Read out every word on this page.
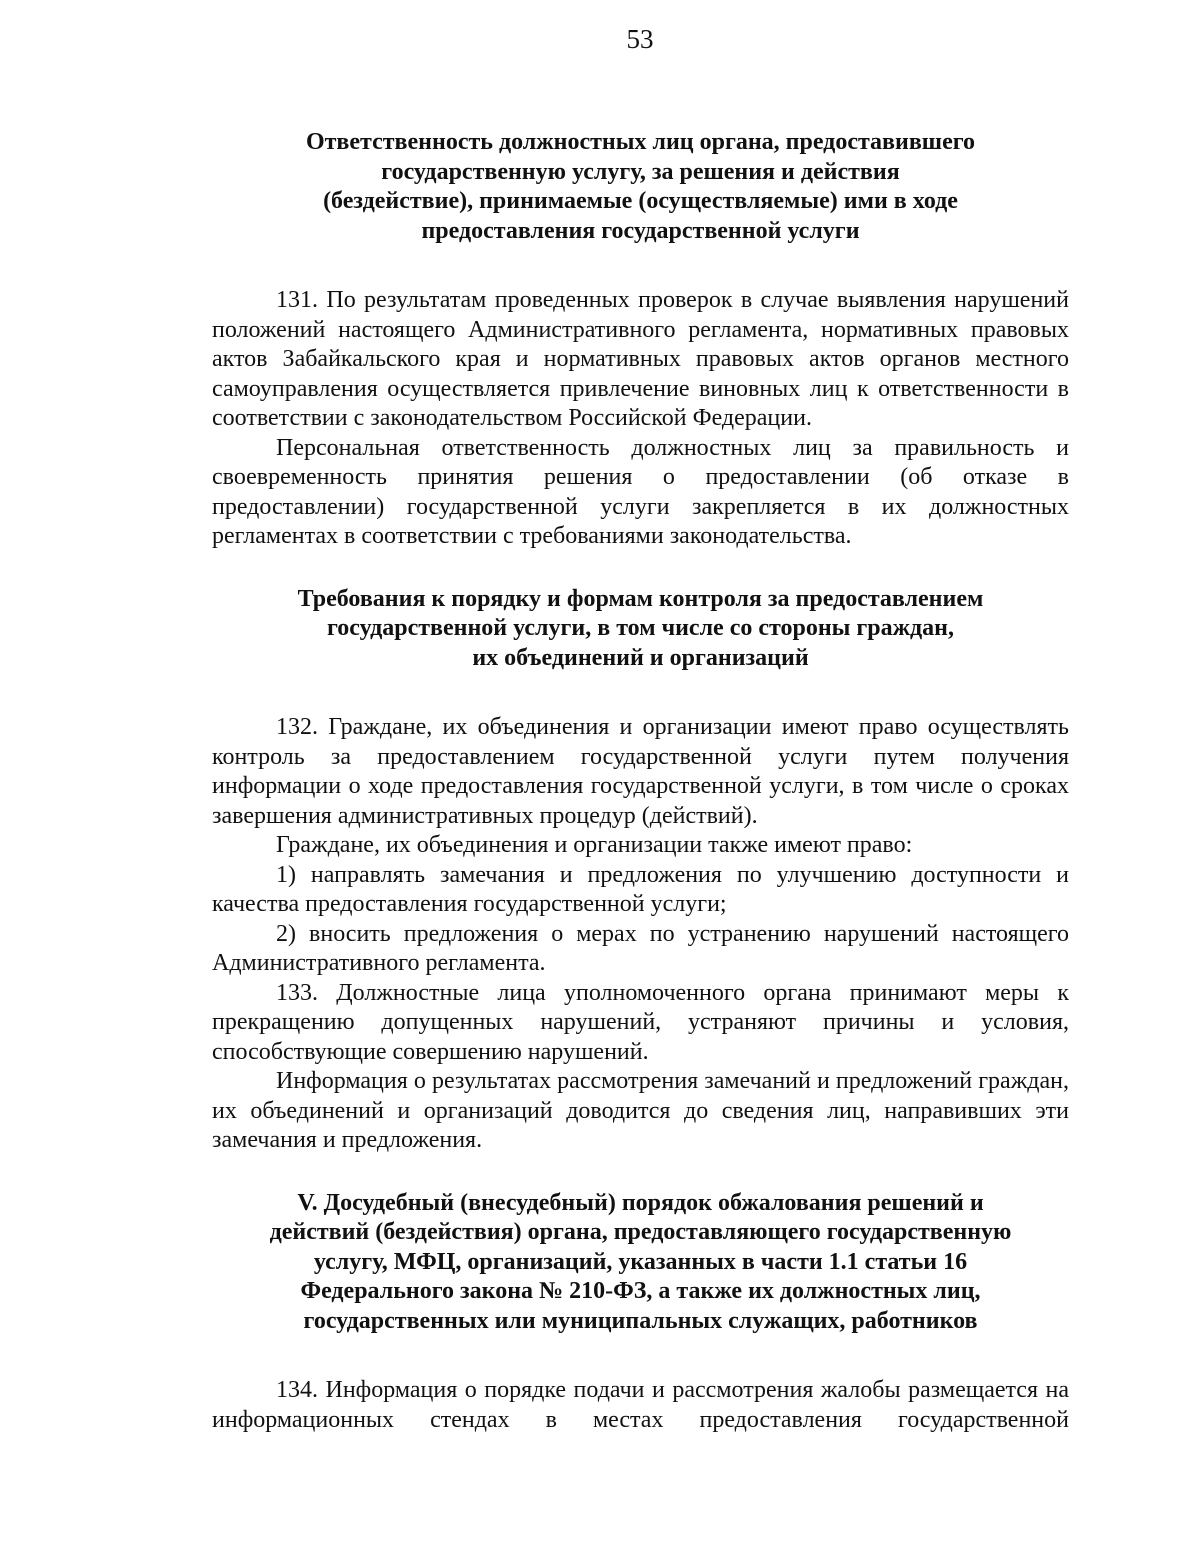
53
Ответственность должностных лиц органа, предоставившего
государственную услугу, за решения и действия
(бездействие), принимаемые (осуществляемые) ими в ходе
предоставления государственной услуги

131. По результатам проведенных проверок в случае выявления нарушений положений настоящего Административного регламента, нормативных правовых актов Забайкальского края и нормативных правовых актов органов местного самоуправления осуществляется привлечение виновных лиц к ответственности в соответствии с законодательством Российской Федерации.

Персональная ответственность должностных лиц за правильность и своевременность принятия решения о предоставлении (об отказе в предоставлении) государственной услуги закрепляется в их должностных регламентах в соответствии с требованиями законодательства.

Требования к порядку и формам контроля за предоставлением
государственной услуги, в том числе со стороны граждан,
их объединений и организаций

132. Граждане, их объединения и организации имеют право осуществлять контроль за предоставлением государственной услуги путем получения информации о ходе предоставления государственной услуги, в том числе о сроках завершения административных процедур (действий).

Граждане, их объединения и организации также имеют право:

1) направлять замечания и предложения по улучшению доступности и качества предоставления государственной услуги;

2) вносить предложения о мерах по устранению нарушений настоящего Административного регламента.

133. Должностные лица уполномоченного органа принимают меры к прекращению допущенных нарушений, устраняют причины и условия, способствующие совершению нарушений.

Информация о результатах рассмотрения замечаний и предложений граждан, их объединений и организаций доводится до сведения лиц, направивших эти замечания и предложения.

V. Досудебный (внесудебный) порядок обжалования решений и
действий (бездействия) органа, предоставляющего государственную
услугу, МФЦ, организаций, указанных в части 1.1 статьи 16
Федерального закона № 210-ФЗ, а также их должностных лиц,
государственных или муниципальных служащих, работников

134. Информация о порядке подачи и рассмотрения жалобы размещается на информационных стендах в местах предоставления государственной
